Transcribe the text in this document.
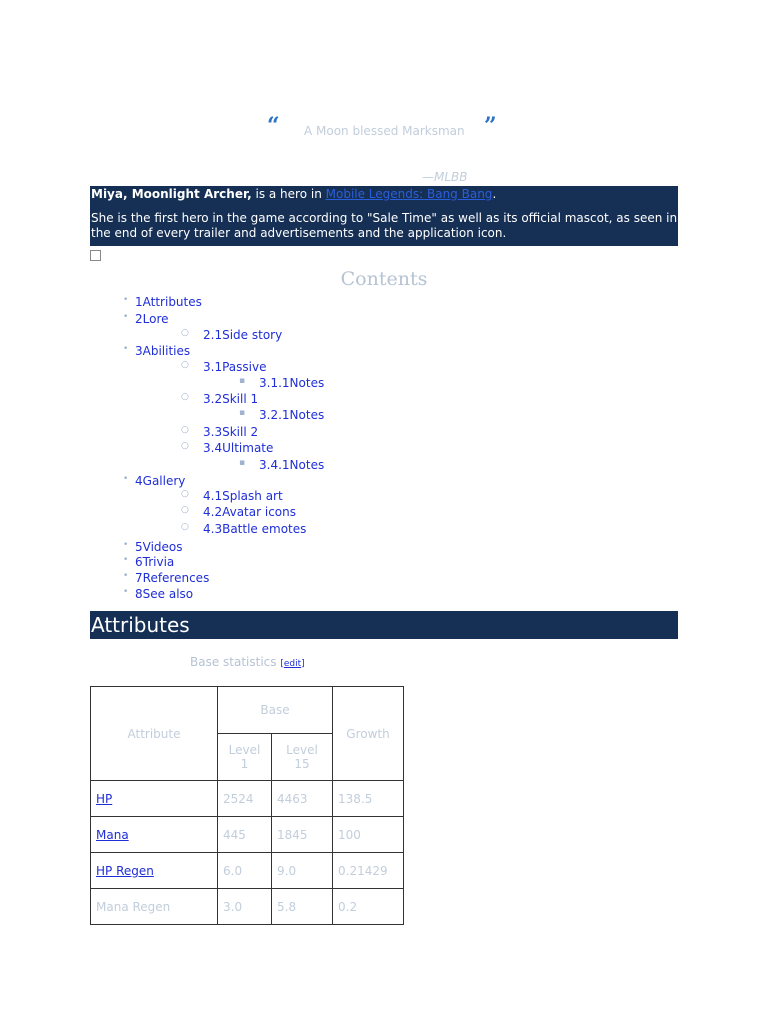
“ A Moon blessed Marksman ”
—MLBB

Miya, Moonlight Archer, is a hero in Mobile Legends: Bang Bang.

She is the first hero in the game according to "Sale Time" as well as its official mascot, as seen in the end of every trailer and advertisements and the application icon.

Contents
• 1Attributes
• 2Lore
○ 2.1Side story
• 3Abilities
○ 3.1Passive
▪ 3.1.1Notes
○ 3.2Skill 1
▪ 3.2.1Notes
○ 3.3Skill 2
○ 3.4Ultimate
▪ 3.4.1Notes
• 4Gallery
○ 4.1Splash art
○ 4.2Avatar icons
○ 4.3Battle emotes
• 5Videos
• 6Trivia
• 7References
• 8See also
Attributes
Base statistics [edit]
Attribute	Base		Growth
	Level 1	Level 15	
HP	2524	4463	138.5
Mana	445	1845	100
HP Regen	6.0	9.0	0.21429
Mana Regen	3.0	5.8	0.2
